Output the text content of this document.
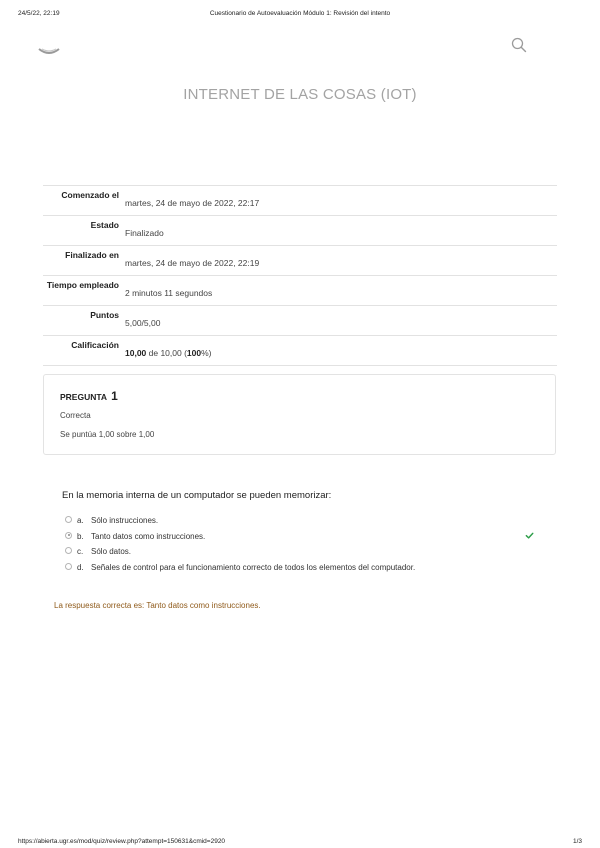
24/5/22, 22:19	Cuestionario de Autoevaluación Módulo 1: Revisión del intento
INTERNET DE LAS COSAS (IOT)
Comenzado el
martes, 24 de mayo de 2022, 22:17
Estado
Finalizado
Finalizado en
martes, 24 de mayo de 2022, 22:19
Tiempo empleado
2 minutos 11 segundos
Puntos
5,00/5,00
Calificación
10,00 de 10,00 (100%)
PREGUNTA 1
Correcta
Se puntúa 1,00 sobre 1,00
En la memoria interna de un computador se pueden memorizar:
a. Sólo instrucciones.
b. Tanto datos como instrucciones.
c. Sólo datos.
d. Señales de control para el funcionamiento correcto de todos los elementos del computador.
La respuesta correcta es: Tanto datos como instrucciones.
https://abierta.ugr.es/mod/quiz/review.php?attempt=150631&cmid=2920	1/3
